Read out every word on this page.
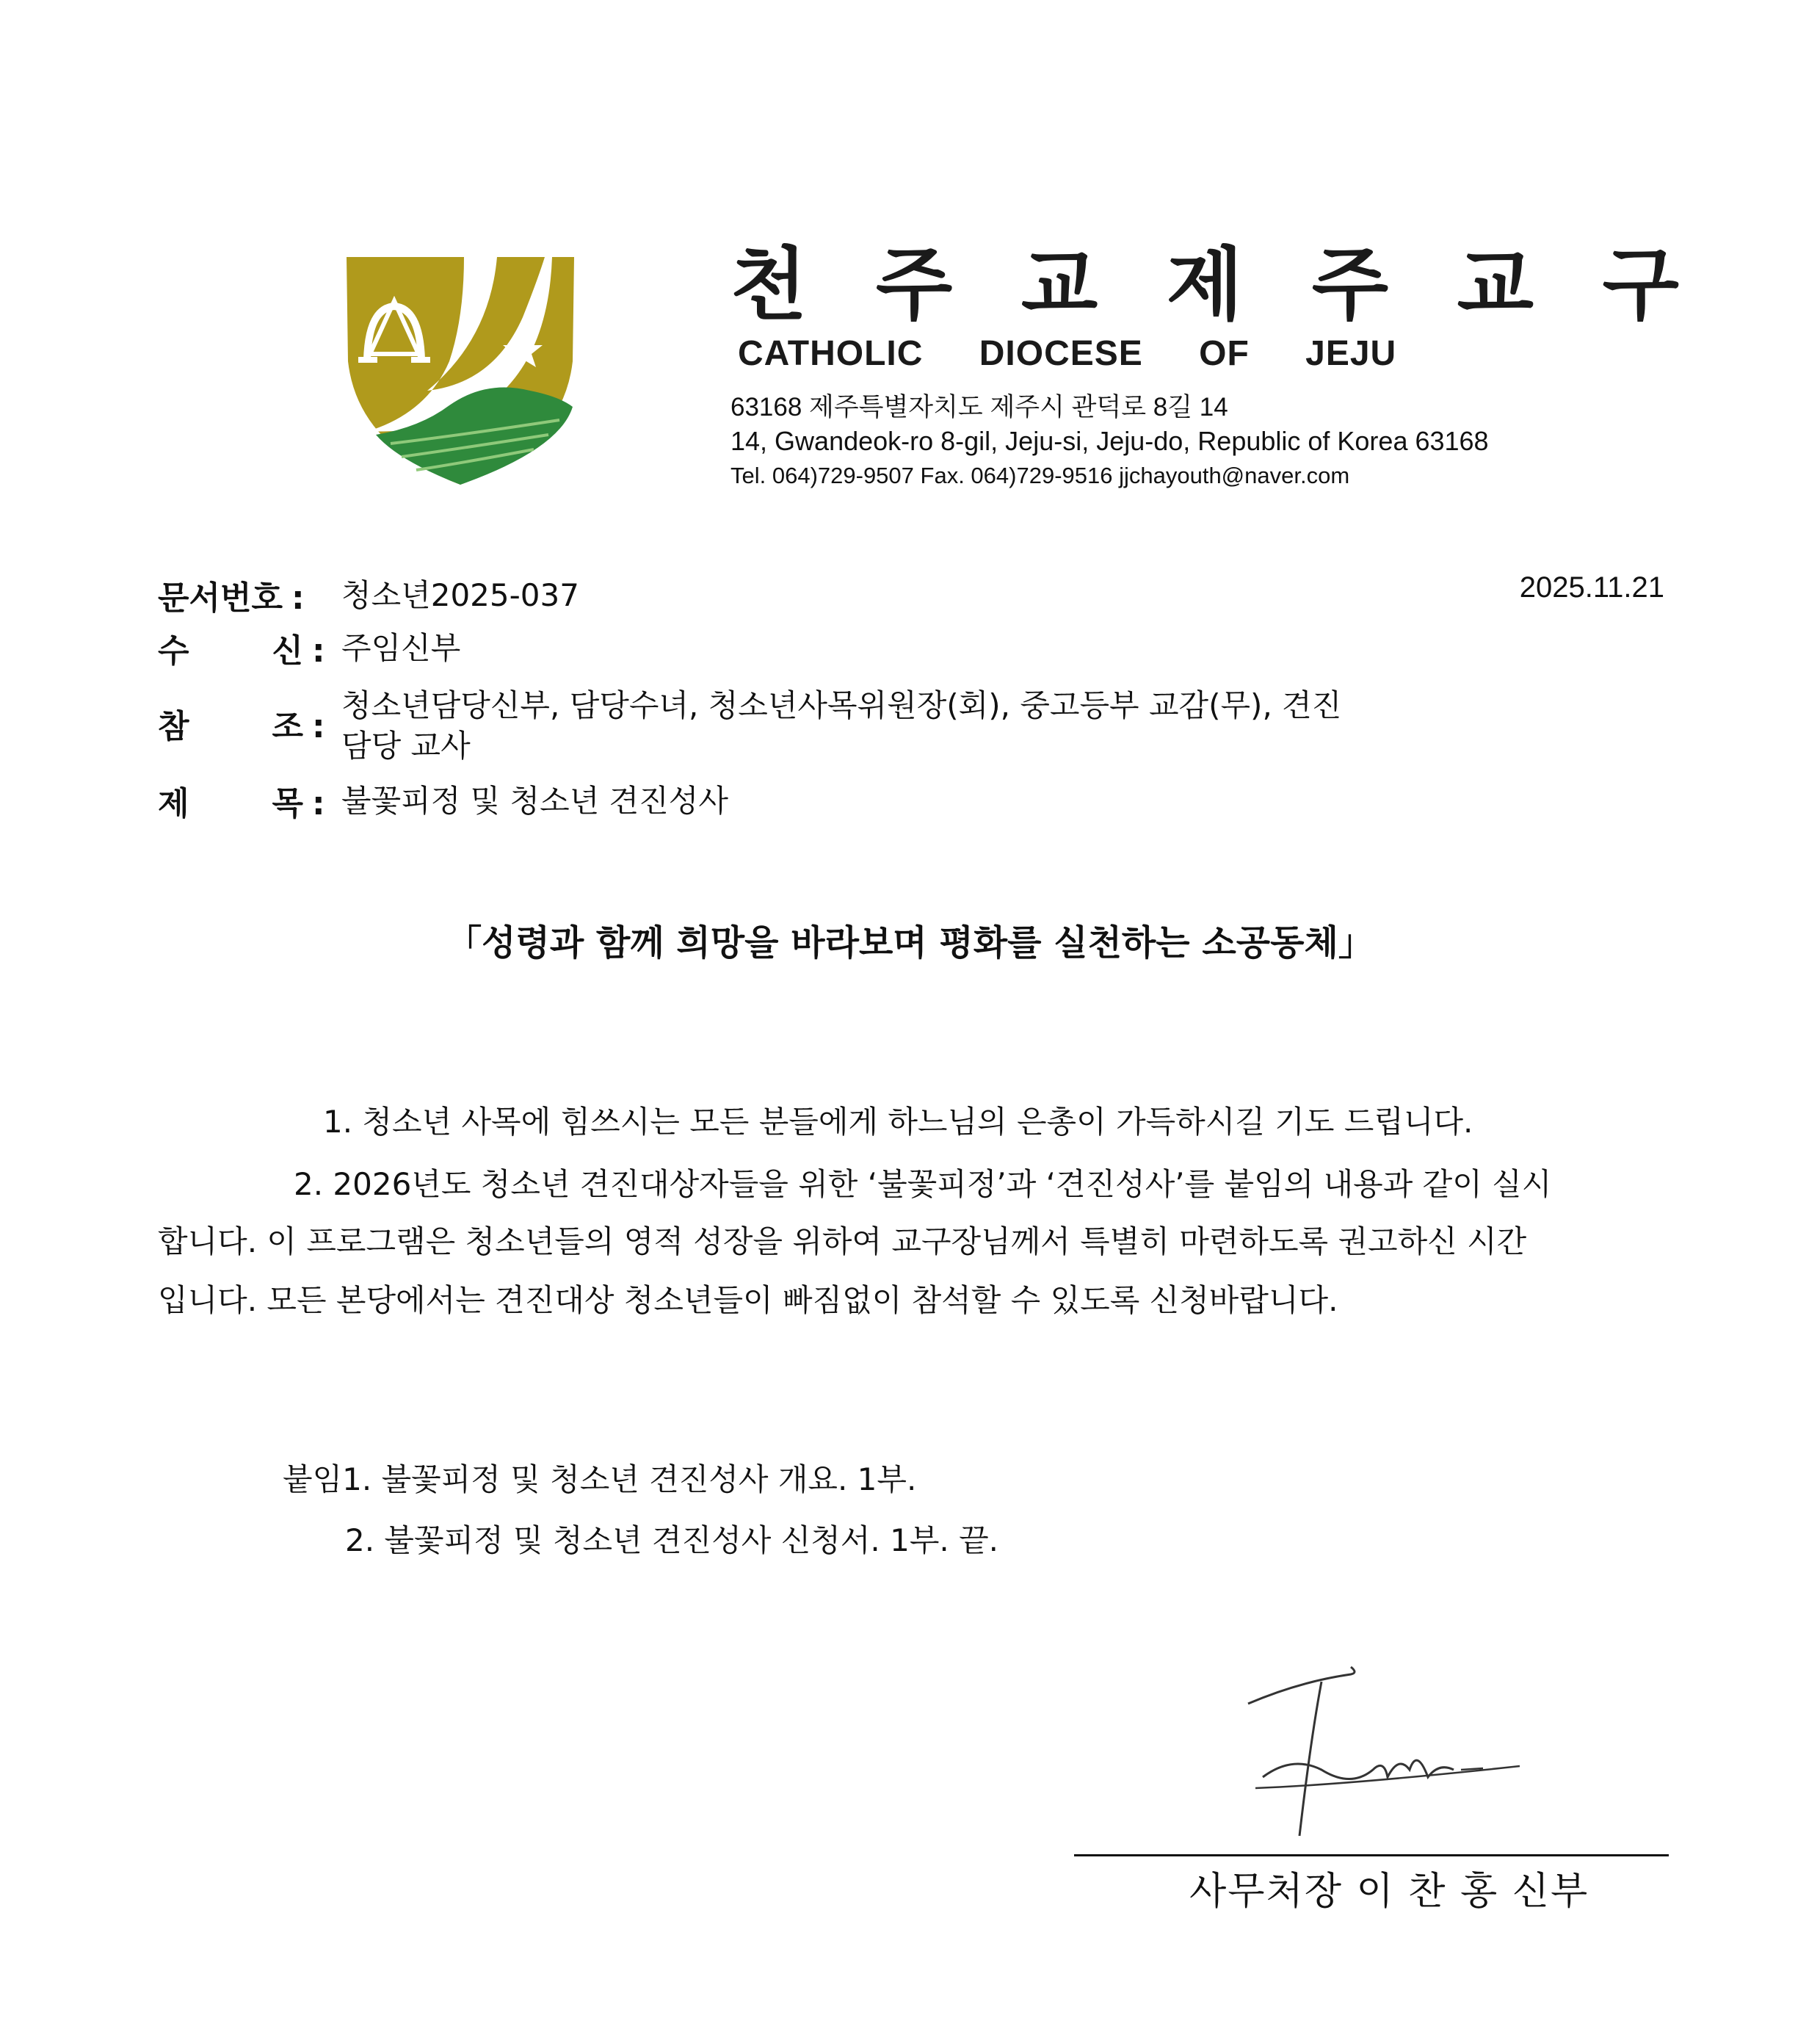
천 주 교 제 주 교 구
CATHOLIC DIOCESE OF JEJU
63168 제주특별자치도 제주시 관덕로 8길 14
14, Gwandeok-ro 8-gil, Jeju-si, Jeju-do, Republic of Korea 63168
Tel. 064)729-9507 Fax. 064)729-9516 jjchayouth@naver.com
문서번호 : 청소년2025-037	2025.11.21
수 신 : 주임신부
참 조 :
청소년담당신부, 담당수녀, 청소년사목위원장(회), 중고등부 교감(무), 견진
담당 교사
제 목 : 불꽃피정 및 청소년 견진성사
「성령과 함께 희망을 바라보며 평화를 실천하는 소공동체」
1. 청소년 사목에 힘쓰시는 모든 분들에게 하느님의 은총이 가득하시길 기도 드립니다.
2. 2026년도 청소년 견진대상자들을 위한 ‘불꽃피정’과 ‘견진성사’를 붙임의 내용과 같이 실시
합니다. 이 프로그램은 청소년들의 영적 성장을 위하여 교구장님께서 특별히 마련하도록 권고하신 시간
입니다. 모든 본당에서는 견진대상 청소년들이 빠짐없이 참석할 수 있도록 신청바랍니다.
붙임1. 불꽃피정 및 청소년 견진성사 개요. 1부.
2. 불꽃피정 및 청소년 견진성사 신청서. 1부. 끝.
사무처장 이 찬 홍 신부
